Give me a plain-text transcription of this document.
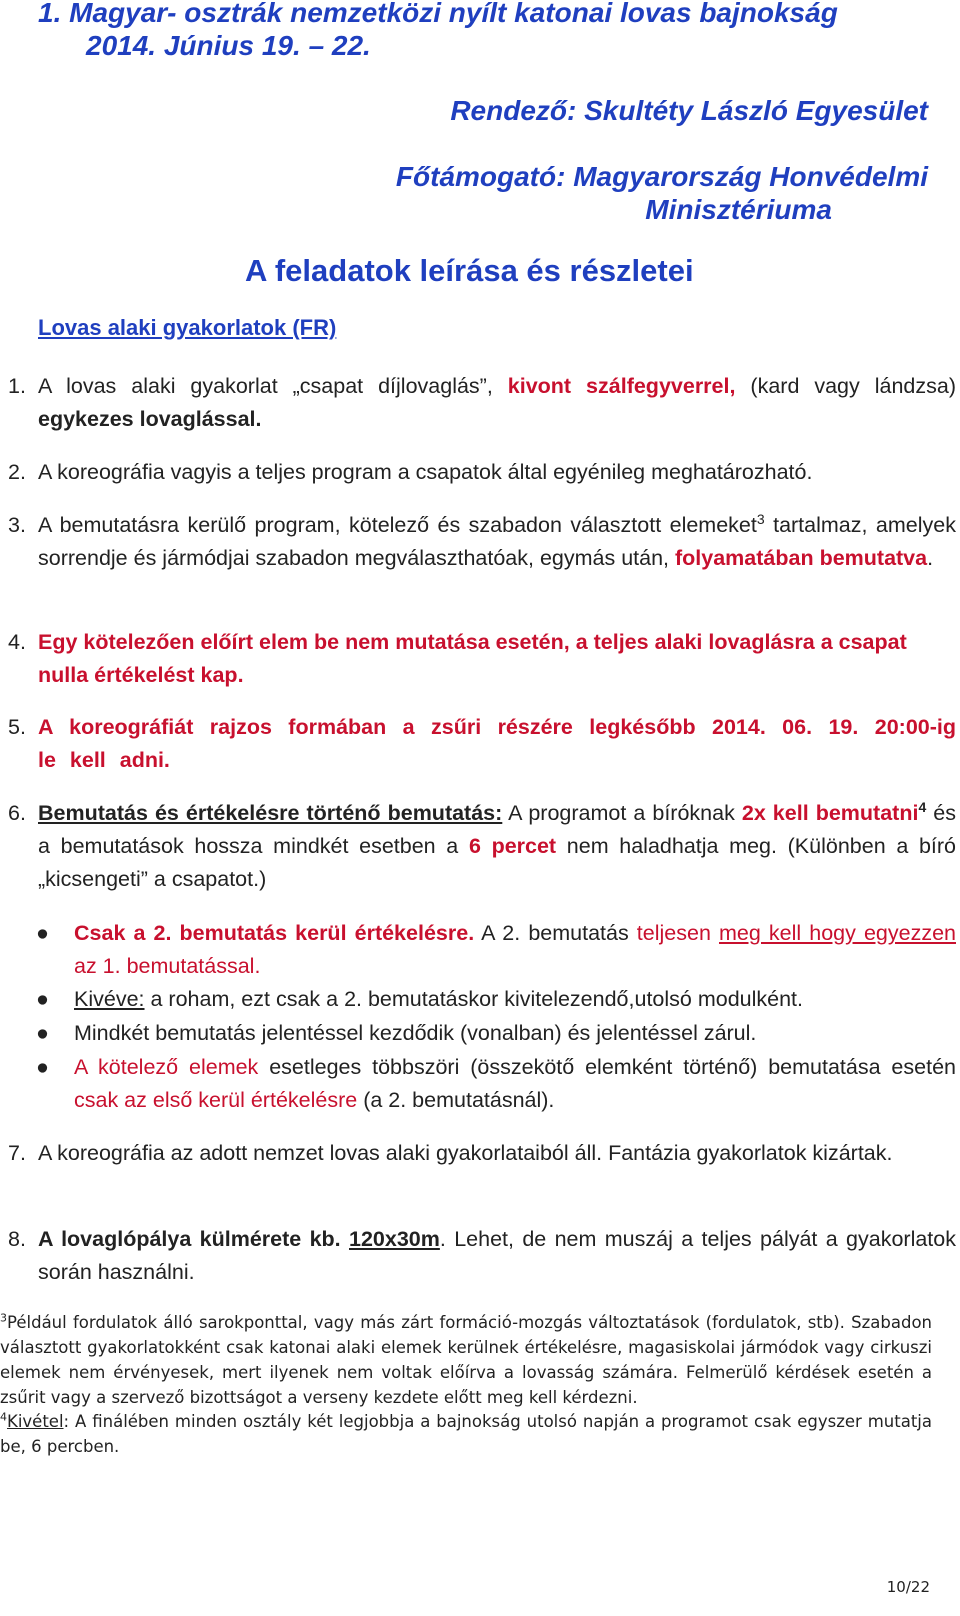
1. Magyar- osztrák nemzetközi nyílt katonai lovas bajnokság
2014. Június 19. – 22.
Rendező: Skultéty László Egyesület
Főtámogató: Magyarország Honvédelmi
Minisztériuma
A feladatok leírása és részletei
Lovas alaki gyakorlatok (FR)
1. A lovas alaki gyakorlat „csapat díjlovaglás”, kivont szálfegyverrel, (kard vagy lándzsa) egykezes lovaglással.
2. A koreográfia vagyis a teljes program a csapatok által egyénileg meghatározható.
3. A bemutatásra kerülő program, kötelező és szabadon választott elemeket$^3$ tartalmaz, amelyek sorrendje és jármódjai szabadon megválaszthatóak, egymás után, folyamatában bemutatva.
4. Egy kötelezően előírt elem be nem mutatása esetén, a teljes alaki lovaglásra a csapat nulla értékelést kap.
5. A koreográfiát rajzos formában a zsűri részére legkésőbb 2014. 06. 19. 20:00-ig le kell adni.
6. Bemutatás és értékelésre történő bemutatás: A programot a bíróknak 2x kell bemutatni$^4$ és a bemutatások hossza mindkét esetben a 6 percet nem haladhatja meg. (Különben a bíró „kicsengeti” a csapatot.)
● Csak a 2. bemutatás kerül értékelésre. A 2. bemutatás teljesen meg kell hogy egyezzen az 1. bemutatással.
● Kivéve: a roham, ezt csak a 2. bemutatáskor kivitelezendő,utolsó modulként.
● Mindkét bemutatás jelentéssel kezdődik (vonalban) és jelentéssel zárul.
● A kötelező elemek esetleges többszöri (összekötő elemként történő) bemutatása esetén csak az első kerül értékelésre (a 2. bemutatásnál).
7. A koreográfia az adott nemzet lovas alaki gyakorlataiból áll. Fantázia gyakorlatok kizártak.
8. A lovaglópálya külmérete kb. 120x30m. Lehet, de nem muszáj a teljes pályát a gyakorlatok során használni.
$^3$Például fordulatok álló sarokponttal, vagy más zárt formáció-mozgás változtatások (fordulatok, stb). Szabadon választott gyakorlatokként csak katonai alaki elemek kerülnek értékelésre, magasiskolai jármódok vagy cirkuszi elemek nem érvényesek, mert ilyenek nem voltak előírva a lovasság számára. Felmerülő kérdések esetén a zsűrit vagy a szervező bizottságot a verseny kezdete előtt meg kell kérdezni.
$^4$Kivétel: A finálében minden osztály két legjobbja a bajnokság utolsó napján a programot csak egyszer mutatja be, 6 percben.
10/22
